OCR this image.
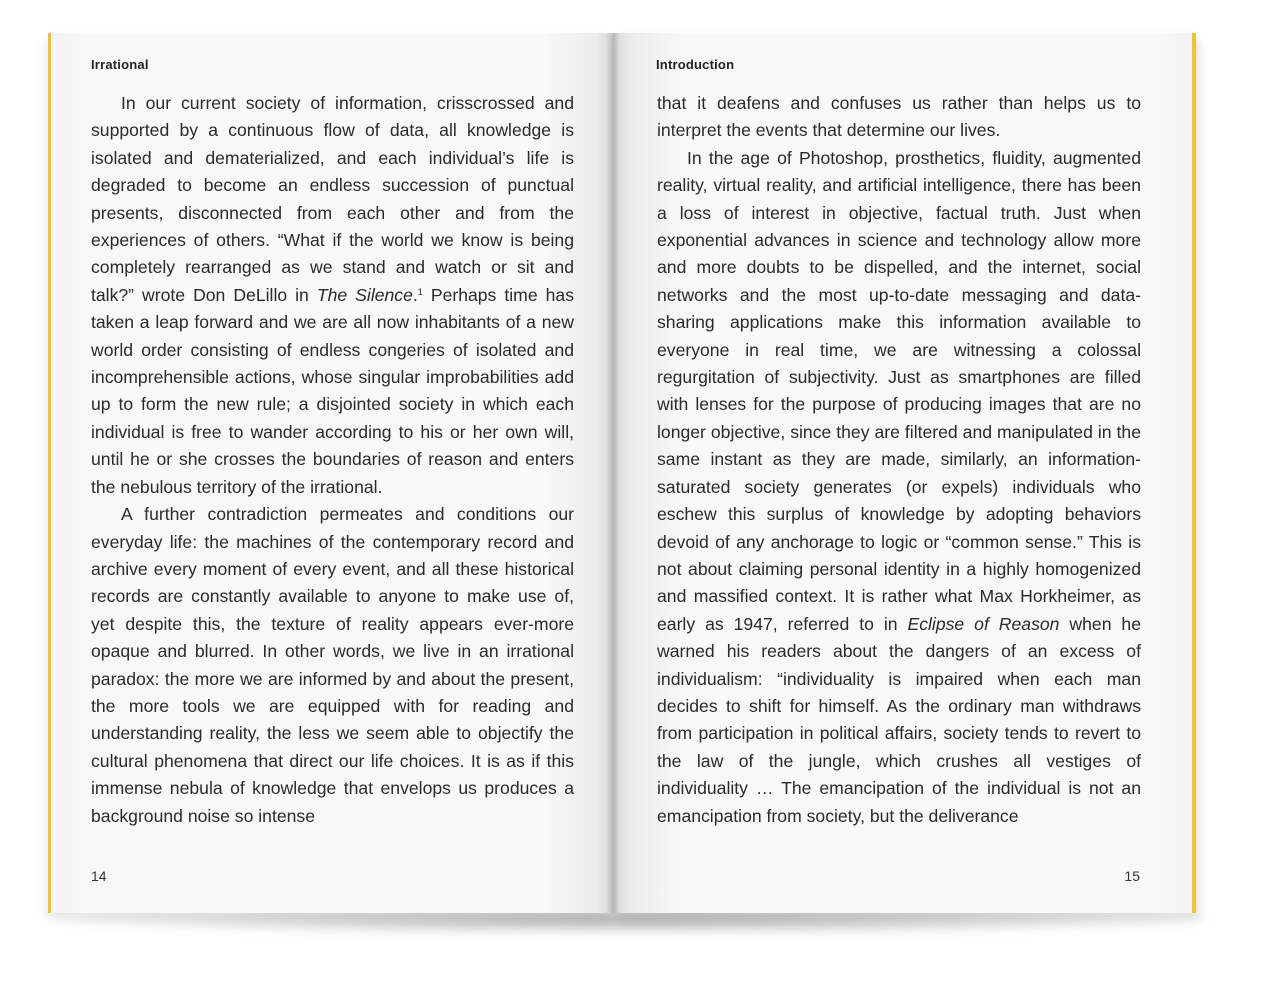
Irrational

In our current society of information, crisscrossed and supported by a continuous flow of data, all knowledge is isolated and dematerialized, and each individual’s life is degraded to become an endless succession of punctual presents, disconnected from each other and from the experiences of others. “What if the world we know is being completely rearranged as we stand and watch or sit and talk?” wrote Don DeLillo in The Silence.$^1$ Perhaps time has taken a leap forward and we are all now inhabitants of a new world order consisting of endless congeries of isolated and incomprehensible actions, whose singular improbabilities add up to form the new rule; a disjointed society in which each individual is free to wander according to his or her own will, until he or she crosses the boundaries of reason and enters the nebulous territory of the irrational.

A further contradiction permeates and conditions our everyday life: the machines of the contemporary record and archive every moment of every event, and all these historical records are constantly available to anyone to make use of, yet despite this, the texture of reality appears ever-more opaque and blurred. In other words, we live in an irrational paradox: the more we are informed by and about the present, the more tools we are equipped with for reading and understanding reality, the less we seem able to objectify the cultural phenomena that direct our life choices. It is as if this immense nebula of knowledge that envelops us produces a background noise so intense

14
Introduction

that it deafens and confuses us rather than helps us to interpret the events that determine our lives.

In the age of Photoshop, prosthetics, fluidity, augmented reality, virtual reality, and artificial intelligence, there has been a loss of interest in objective, factual truth. Just when exponential advances in science and technology allow more and more doubts to be dispelled, and the internet, social networks and the most up-to-date messaging and data-sharing applications make this information available to everyone in real time, we are witnessing a colossal regurgitation of subjectivity. Just as smartphones are filled with lenses for the purpose of producing images that are no longer objective, since they are filtered and manipulated in the same instant as they are made, similarly, an information-saturated society generates (or expels) individuals who eschew this surplus of knowledge by adopting behaviors devoid of any anchorage to logic or “common sense.” This is not about claiming personal identity in a highly homogenized and massified context. It is rather what Max Horkheimer, as early as 1947, referred to in Eclipse of Reason when he warned his readers about the dangers of an excess of individualism: “individuality is impaired when each man decides to shift for himself. As the ordinary man withdraws from participation in political affairs, society tends to revert to the law of the jungle, which crushes all vestiges of individuality … The emancipation of the individual is not an emancipation from society, but the deliverance

15
